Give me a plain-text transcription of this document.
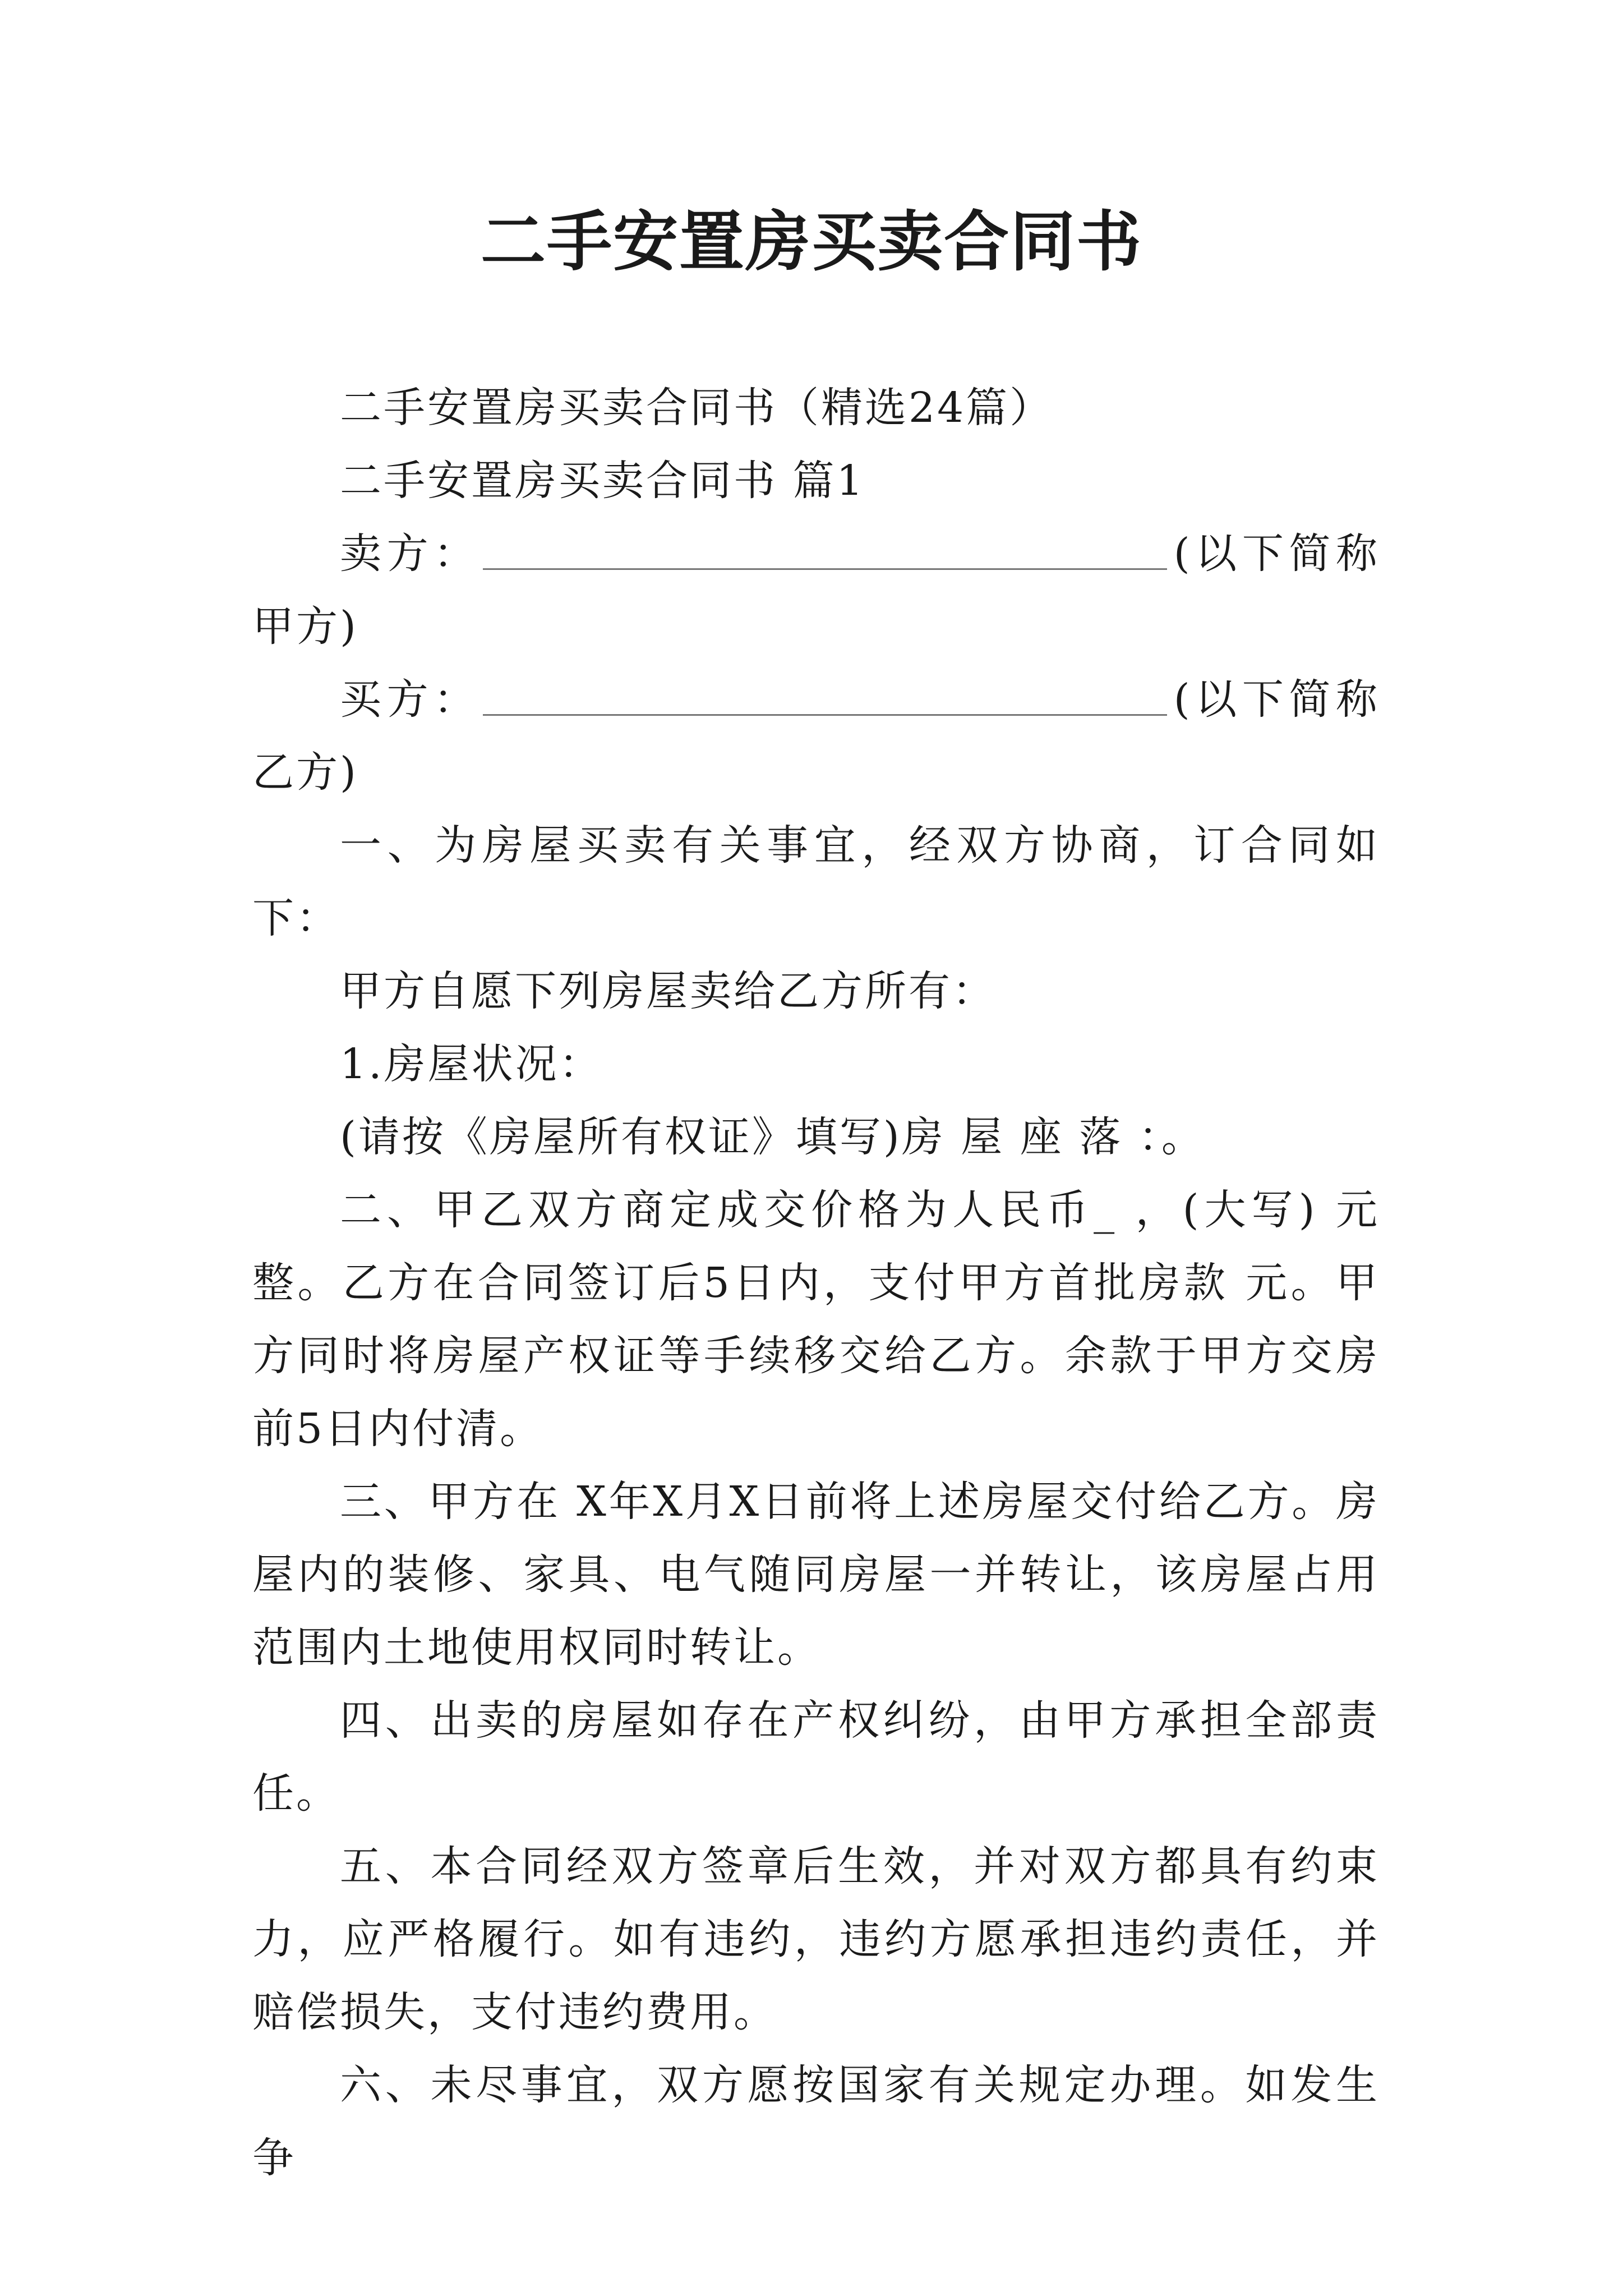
二手安置房买卖合同书

二手安置房买卖合同书（精选24篇）

二手安置房买卖合同书 篇1

卖方：	(以下简称甲方)

买方：	(以下简称乙方)

一、为房屋买卖有关事宜，经双方协商，订合同如下：

甲方自愿下列房屋卖给乙方所有：

1.房屋状况：

(请按《房屋所有权证》填写)房 屋 座 落 ：。

二、甲乙双方商定成交价格为人民币_ ，(大写) 元整。乙方在合同签订后5日内，支付甲方首批房款 元。甲方同时将房屋产权证等手续移交给乙方。余款于甲方交房前5日内付清。

三、甲方在 X年X月X日前将上述房屋交付给乙方。房屋内的装修、家具、电气随同房屋一并转让，该房屋占用范围内土地使用权同时转让。

四、出卖的房屋如存在产权纠纷，由甲方承担全部责任。

五、本合同经双方签章后生效，并对双方都具有约束力，应严格履行。如有违约，违约方愿承担违约责任，并赔偿损失，支付违约费用。

六、未尽事宜，双方愿按国家有关规定办理。如发生争
